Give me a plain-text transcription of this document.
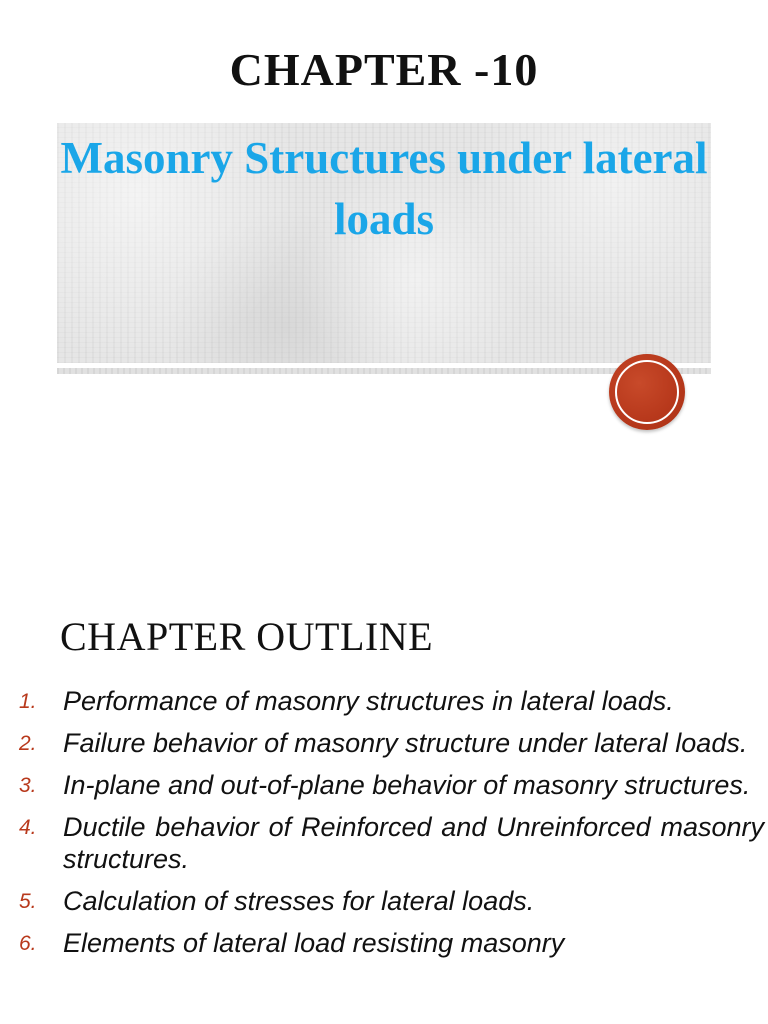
CHAPTER -10
Masonry Structures under lateral
loads
CHAPTER OUTLINE
1. Performance of masonry structures in lateral loads.
2. Failure behavior of masonry structure under lateral loads.
3. In-plane and out-of-plane behavior of masonry structures.
4. Ductile behavior of Reinforced and Unreinforced masonry structures.
5. Calculation of stresses for lateral loads.
6. Elements of lateral load resisting masonry
